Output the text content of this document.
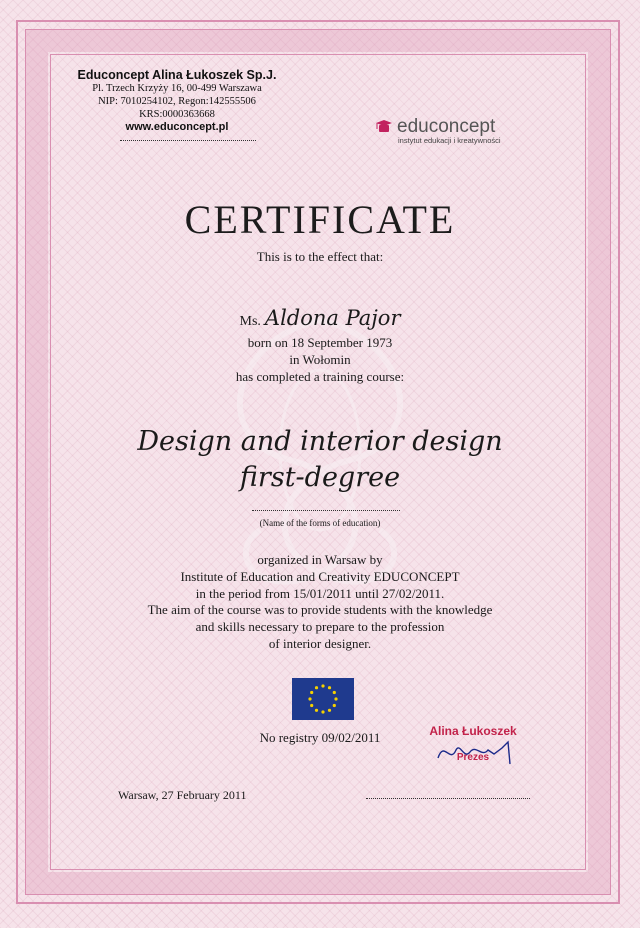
Educoncept Alina Łukoszek Sp.J.
Pl. Trzech Krzyży 16, 00-499 Warszawa
NIP: 7010254102, Regon:142555506
KRS:0000363668
www.educoncept.pl	educoncept
instytut edukacji i kreatywności
CERTIFICATE
This is to the effect that:
Ms. Aldona Pajor
born on 18 September 1973
in Wołomin
has completed a training course:
Design and interior design
first-degree
(Name of the forms of education)
organized in Warsaw by
Institute of Education and Creativity EDUCONCEPT
in the period from 15/01/2011 until 27/02/2011.
The aim of the course was to provide students with the knowledge
and skills necessary to prepare to the profession
of interior designer.
No registry 09/02/2011	Alina Łukoszek
Prezes
Warsaw, 27 February 2011
